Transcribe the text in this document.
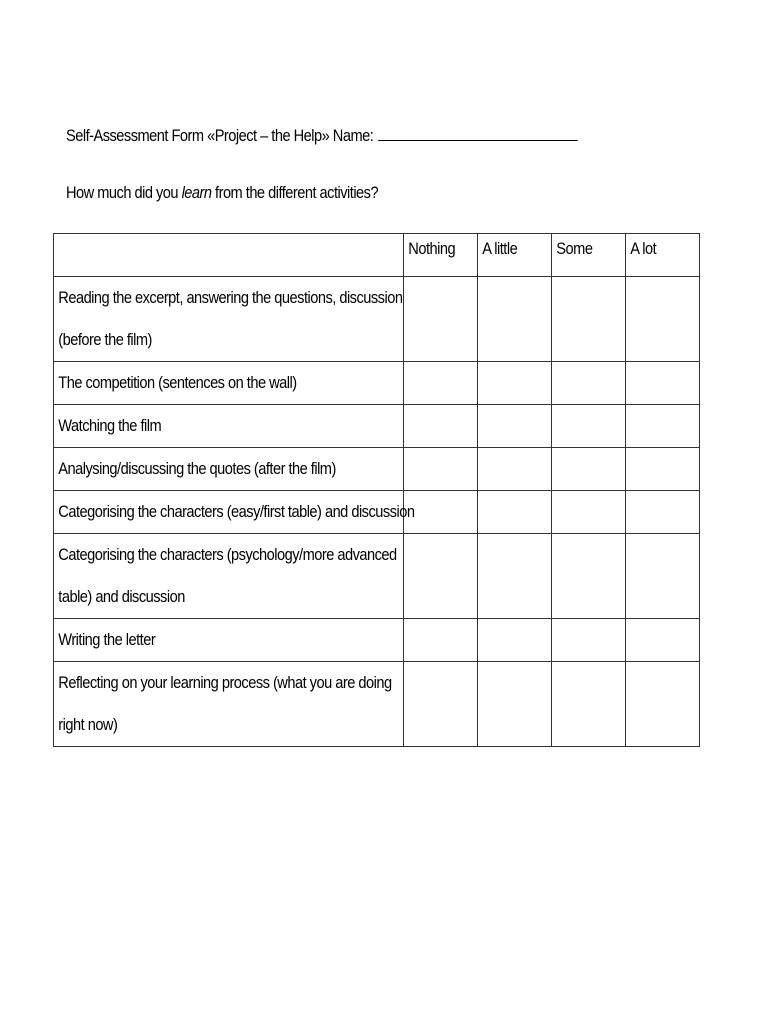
Self-Assessment Form «Project – the Help» Name:
How much did you learn from the different activities?

	Nothing	A little	Some	A lot

Reading the excerpt, answering the questions, discussion
(before the film)				

The competition (sentences on the wall)				

Watching the film				

Analysing/discussing the quotes (after the film)				

Categorising the characters (easy/first table) and discussion				

Categorising the characters (psychology/more advanced
table) and discussion				

Writing the letter				

Reflecting on your learning process (what you are doing
right now)				
